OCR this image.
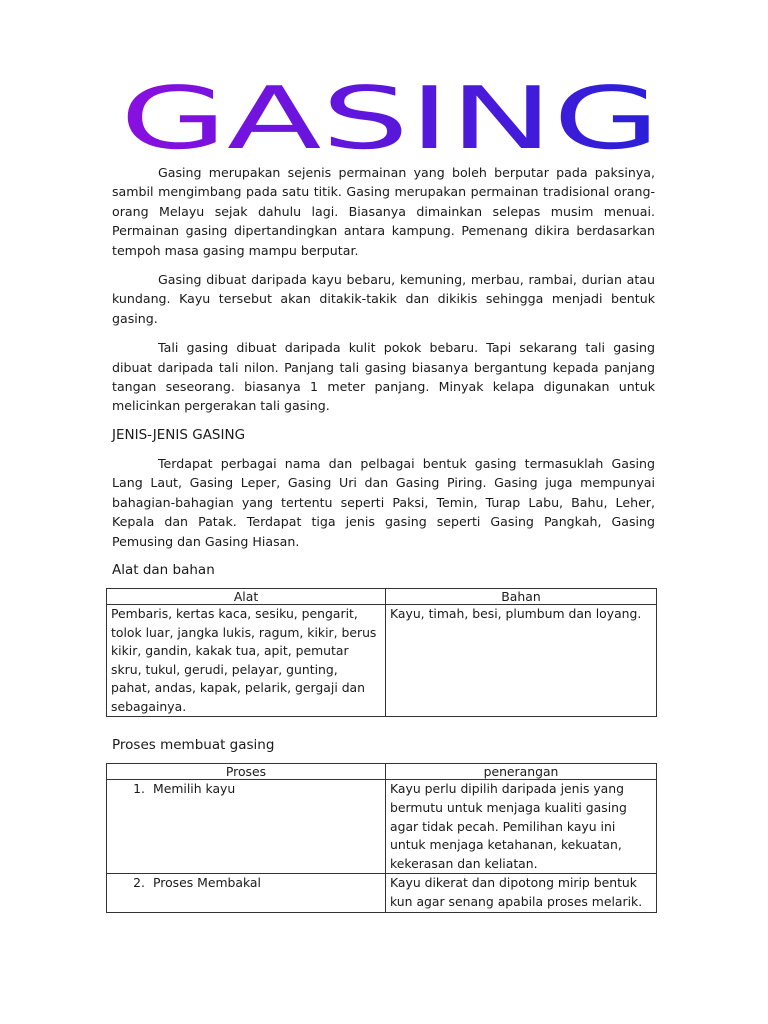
GASING

Gasing merupakan sejenis permainan yang boleh berputar pada paksinya, sambil mengimbang pada satu titik. Gasing merupakan permainan tradisional orang-orang Melayu sejak dahulu lagi. Biasanya dimainkan selepas musim menuai. Permainan gasing dipertandingkan antara kampung. Pemenang dikira berdasarkan tempoh masa gasing mampu berputar.

Gasing dibuat daripada kayu bebaru, kemuning, merbau, rambai, durian atau kundang. Kayu tersebut akan ditakik-takik dan dikikis sehingga menjadi bentuk gasing.

Tali gasing dibuat daripada kulit pokok bebaru. Tapi sekarang tali gasing dibuat daripada tali nilon. Panjang tali gasing biasanya bergantung kepada panjang tangan seseorang. biasanya 1 meter panjang. Minyak kelapa digunakan untuk melicinkan pergerakan tali gasing.

JENIS-JENIS GASING

Terdapat perbagai nama dan pelbagai bentuk gasing termasuklah Gasing Lang Laut, Gasing Leper, Gasing Uri dan Gasing Piring. Gasing juga mempunyai bahagian-bahagian yang tertentu seperti Paksi, Temin, Turap Labu, Bahu, Leher, Kepala dan Patak. Terdapat tiga jenis gasing seperti Gasing Pangkah, Gasing Pemusing dan Gasing Hiasan.

Alat dan bahan
Alat	Bahan
Pembaris, kertas kaca, sesiku, pengarit, tolok luar, jangka lukis, ragum, kikir, berus kikir, gandin, kakak tua, apit, pemutar skru, tukul, gerudi, pelayar, gunting, pahat, andas, kapak, pelarik, gergaji dan sebagainya.	Kayu, timah, besi, plumbum dan loyang.
Proses membuat gasing
Proses	penerangan
1. Memilih kayu	Kayu perlu dipilih daripada jenis yang bermutu untuk menjaga kualiti gasing agar tidak pecah. Pemilihan kayu ini untuk menjaga ketahanan, kekuatan, kekerasan dan keliatan.
2. Proses Membakal	Kayu dikerat dan dipotong mirip bentuk kun agar senang apabila proses melarik.
